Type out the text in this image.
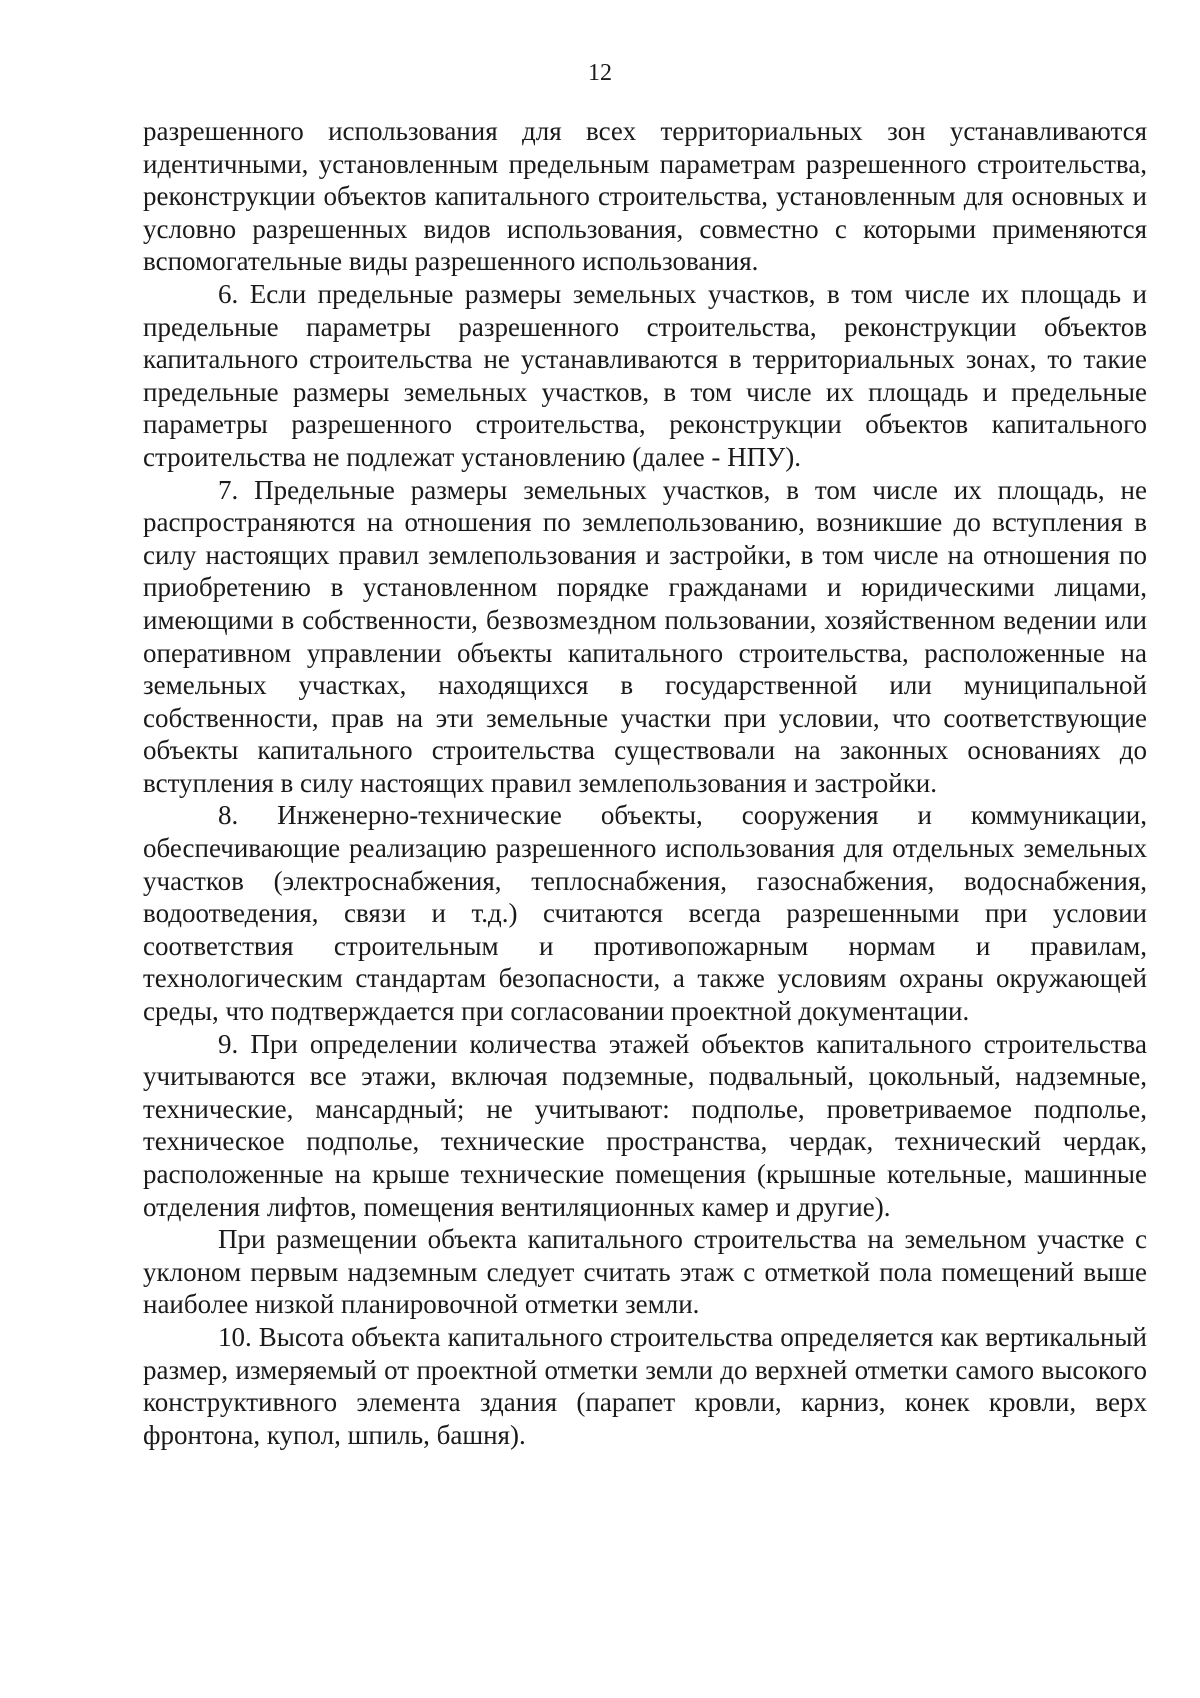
12

разрешенного использования для всех территориальных зон устанавливаются идентичными, установленным предельным параметрам разрешенного строительства, реконструкции объектов капитального строительства, установленным для основных и условно разрешенных видов использования, совместно с которыми применяются вспомогательные виды разрешенного использования.

6. Если предельные размеры земельных участков, в том числе их площадь и предельные параметры разрешенного строительства, реконструкции объектов капитального строительства не устанавливаются в территориальных зонах, то такие предельные размеры земельных участков, в том числе их площадь и предельные параметры разрешенного строительства, реконструкции объектов капитального строительства не подлежат установлению (далее - НПУ).

7. Предельные размеры земельных участков, в том числе их площадь, не распространяются на отношения по землепользованию, возникшие до вступления в силу настоящих правил землепользования и застройки, в том числе на отношения по приобретению в установленном порядке гражданами и юридическими лицами, имеющими в собственности, безвозмездном пользовании, хозяйственном ведении или оперативном управлении объекты капитального строительства, расположенные на земельных участках, находящихся в государственной или муниципальной собственности, прав на эти земельные участки при условии, что соответствующие объекты капитального строительства существовали на законных основаниях до вступления в силу настоящих правил землепользования и застройки.

8. Инженерно-технические объекты, сооружения и коммуникации, обеспечивающие реализацию разрешенного использования для отдельных земельных участков (электроснабжения, теплоснабжения, газоснабжения, водоснабжения, водоотведения, связи и т.д.) считаются всегда разрешенными при условии соответствия строительным и противопожарным нормам и правилам, технологическим стандартам безопасности, а также условиям охраны окружающей среды, что подтверждается при согласовании проектной документации.

9. При определении количества этажей объектов капитального строительства учитываются все этажи, включая подземные, подвальный, цокольный, надземные, технические, мансардный; не учитывают: подполье, проветриваемое подполье, техническое подполье, технические пространства, чердак, технический чердак, расположенные на крыше технические помещения (крышные котельные, машинные отделения лифтов, помещения вентиляционных камер и другие).

При размещении объекта капитального строительства на земельном участке с уклоном первым надземным следует считать этаж с отметкой пола помещений выше наиболее низкой планировочной отметки земли.

10. Высота объекта капитального строительства определяется как вертикальный размер, измеряемый от проектной отметки земли до верхней отметки самого высокого конструктивного элемента здания (парапет кровли, карниз, конек кровли, верх фронтона, купол, шпиль, башня).
